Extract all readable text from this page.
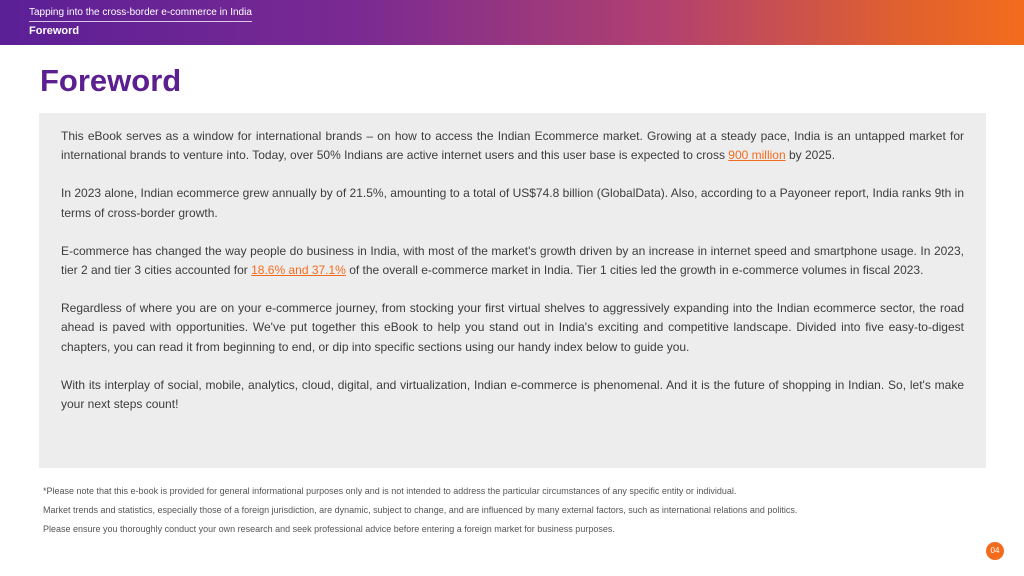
Tapping into the cross-border e-commerce in India
Foreword
Foreword

This eBook serves as a window for international brands – on how to access the Indian Ecommerce market. Growing at a steady pace, India is an untapped market for international brands to venture into. Today, over 50% Indians are active internet users and this user base is expected to cross 900 million by 2025.

In 2023 alone, Indian ecommerce grew annually by of 21.5%, amounting to a total of US$74.8 billion (GlobalData). Also, according to a Payoneer report, India ranks 9th in terms of cross-border growth.

E-commerce has changed the way people do business in India, with most of the market's growth driven by an increase in internet speed and smartphone usage. In 2023, tier 2 and tier 3 cities accounted for 18.6% and 37.1% of the overall e-commerce market in India. Tier 1 cities led the growth in e-commerce volumes in fiscal 2023.

Regardless of where you are on your e-commerce journey, from stocking your first virtual shelves to aggressively expanding into the Indian ecommerce sector, the road ahead is paved with opportunities. We've put together this eBook to help you stand out in India's exciting and competitive landscape. Divided into five easy-to-digest chapters, you can read it from beginning to end, or dip into specific sections using our handy index below to guide you.

With its interplay of social, mobile, analytics, cloud, digital, and virtualization, Indian e-commerce is phenomenal. And it is the future of shopping in Indian. So, let's make your next steps count!

*Please note that this e-book is provided for general informational purposes only and is not intended to address the particular circumstances of any specific entity or individual.
Market trends and statistics, especially those of a foreign jurisdiction, are dynamic, subject to change, and are influenced by many external factors, such as international relations and politics.
Please ensure you thoroughly conduct your own research and seek professional advice before entering a foreign market for business purposes.
04
